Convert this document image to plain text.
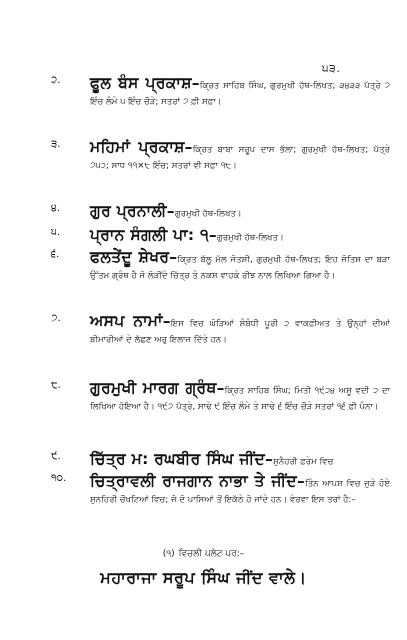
੫੩.
੨.	ਫੂਲ ਬੰਸ ਪ੍ਰਕਾਸ਼–ਕ੍ਰਿਤ ਸਾਹਿਬ ਸਿੰਘ, ਗੁਰਮੁਖੀ ਹੱਥ-ਲਿਖਤ; ੩੪੩੩ ਪੱਤ੍ਰੇ ੭ ਇੰਚ ਲੰਮੇ ੫ ਇੰਚ ਚੌੜੇ; ਸਤਰਾਂ ੭ ਫ਼ੀ ਸਫ਼ਾ।
੩.	ਮਹਿਮਾਂ ਪ੍ਰਕਾਸ਼–ਕ੍ਰਿਤ ਬਾਬਾ ਸਰੂਪ ਦਾਸ ਭੱਲਾ; ਗੁਰਮੁਖੀ ਹੱਥ-ਲਿਖਤ; ਪੱਤ੍ਰੇ ੭੫੨; ਸਾਧ ੧੧×੮ ਇੰਚ; ਸਤਰਾਂ ਵੀ ਸਫ਼ਾ ੧੮।
੪.	ਗੁਰ ਪ੍ਰਨਾਲੀ–ਗੁਰਮੁਖੀ ਹੱਥ-ਲਿਖਤ।
੫.	ਪ੍ਰਾਨ ਸੰਗਲੀ ਪਾ: ੧–ਗੁਰਮੁਖੀ ਹੱਥ-ਲਿਖਤ।
੬.	ਫਲਤੇਂਦੂ ਸ਼ੇਖਰ–ਕ੍ਰਿਤ ਬੱਲੂ ਮੱਲ ਜੋਤਸ਼ੀ, ਗੁਰਮੁਖੀ ਹੱਥ-ਲਿਖਤ; ਇਹ ਜੋਤਿਸ਼ ਦਾ ਬੜਾ ਉੱਤਮ ਗ੍ਰੰਥ ਹੈ ਜੋ ਲੋੜੀਂਦੇ ਚਿੱਤ੍ਰ ਤੇ ਨਕਸ਼ ਵਾਹਕੇ ਰੀਝ ਨਾਲ ਲਿਖਿਆ ਗਿਆ ਹੈ।
੭.	ਅਸਪ ਨਾਮਾਂ–ਇਸ ਵਿਚ ਘੋੜਿਆਂ ਸੰਬੰਧੀ ਪੂਰੀ ੨ ਵਾਕਫ਼ੀਅਤ ਤੇ ਉਨ੍ਹਾਂ ਦੀਆਂ ਬੀਮਾਰੀਆਂ ਦੇ ਲੱਛਣ ਅਰੁ ਇਲਾਜ ਦਿੱਤੇ ਹਨ।
੮.	ਗੁਰਮੁਖੀ ਮਾਰਗ ਗ੍ਰੰਥ–ਕ੍ਰਿਤ ਸਾਹਿਬ ਸਿੰਘ; ਮਿਤੀ ੧੯੨੪ ਅਸੂ ਵਦੀ ੨ ਦਾ ਲਿਖਿਆ ਹੋਇਆ ਹੈ। ੧੯੭ ਪੱਤ੍ਰੇ, ਸਾਢੇ ੯ ਇੰਚ ਲੰਮੇ ਤੇ ਸਾਢੇ ੬ ਇੰਚ ਚੌੜੇ ਸਤਰਾਂ ੧੬ ਫ਼ੀ ਪੰਨਾ।
੯.	ਚਿੱਤ੍ਰ ਮ: ਰਘਬੀਰ ਸਿੰਘ ਜੀਂਦ–ਸੁਨੈਹਰੀ ਫ਼ਰੇਮ ਵਿਚ
੧੦.	ਚਿਤ੍ਰਾਵਲੀ ਰਾਜਗਾਨ ਨਾਭਾ ਤੇ ਜੀਂਦ–ਤਿੰਨ ਆਪਸ ਵਿਚ ਜੁੜੇ ਹੋਏ ਸੁਨਹਿਰੀ ਚੌਖਟਿਆਂ ਵਿਚ; ਜੋ ਦੋ ਪਾਸਿਆਂ ਤੋਂ ਇਕੱਠੇ ਹੋ ਜਾਂਦੇ ਹਨ। ਵੇਰਵਾ ਇਸ ਤਰਾਂ ਹੈ:–
(੧) ਵਿਚਲੀ ਪਲੇਟ ਪਰ:–
ਮਹਾਰਾਜਾ ਸਰੂਪ ਸਿੰਘ ਜੀਂਦ ਵਾਲੇ।
